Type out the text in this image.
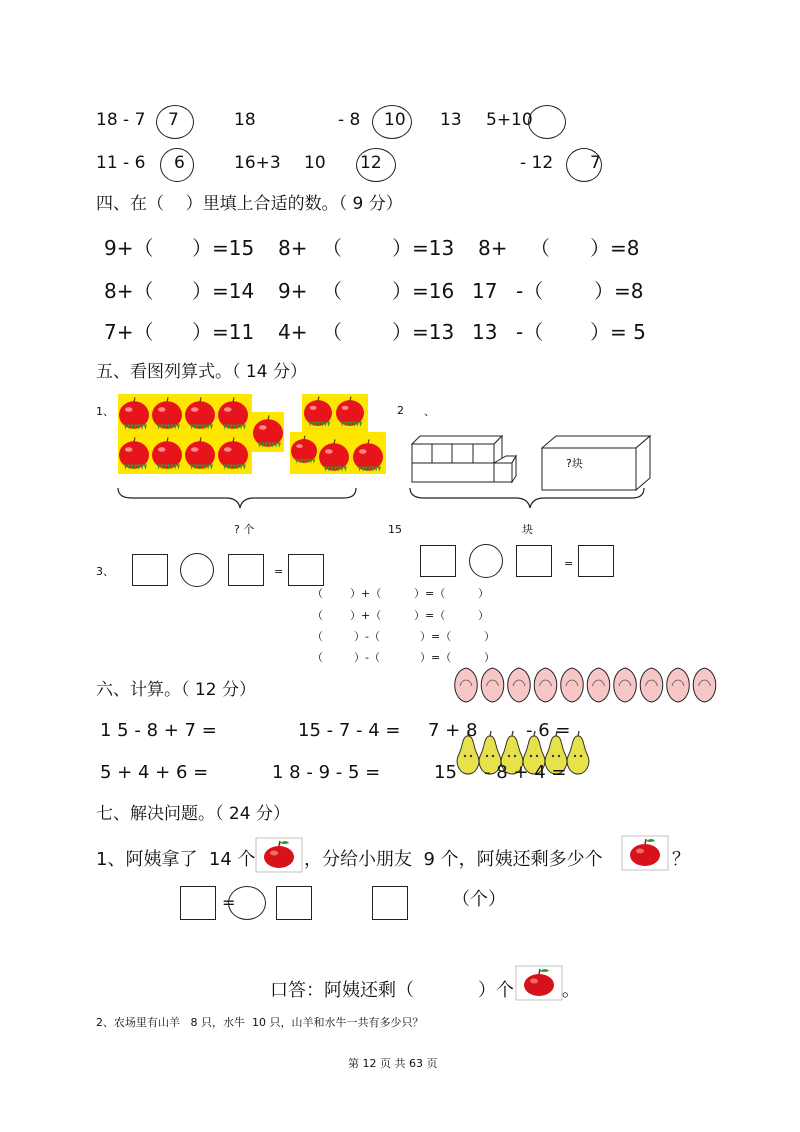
18 - 7 7	18	- 8 10 13 5+10
11 - 6 6	16+3 10 12	- 12 7
四、在（    ）里填上合适的数。（ 9 分）
9+（ ）=15 8+ （	）=13 8+ （ ）=8
8+（ ）=14 9+ （	）=16 17 -（	）=8
7+（ ）=11 4+ （	）=13 13 -（ ）= 5
五、看图列算式。（ 14 分）
1、	2 、
?块
? 个	15	块
3、	=
=
（ ）+（	）=（	）
（ ）+（	）=（	）
（	）-（	）=（	）
（	）-（	）=（	）
六、计算。（ 12 分）
1 5 - 8 + 7 =	15 - 7 - 4 = 7 + 8	- 6 =
5 + 4 + 6 =	1 8 - 9 - 5 =	15 - 8 + 4 =
七、解决问题。（ 24 分）
1、阿姨拿了  14 个	，分给小朋友  9 个，阿姨还剩多少个	？
=	（个）
口答：阿姨还剩（	）个	。
2、农场里有山羊   8 只，水牛  10 只，山羊和水牛一共有多少只？
第 12 页 共 63 页
